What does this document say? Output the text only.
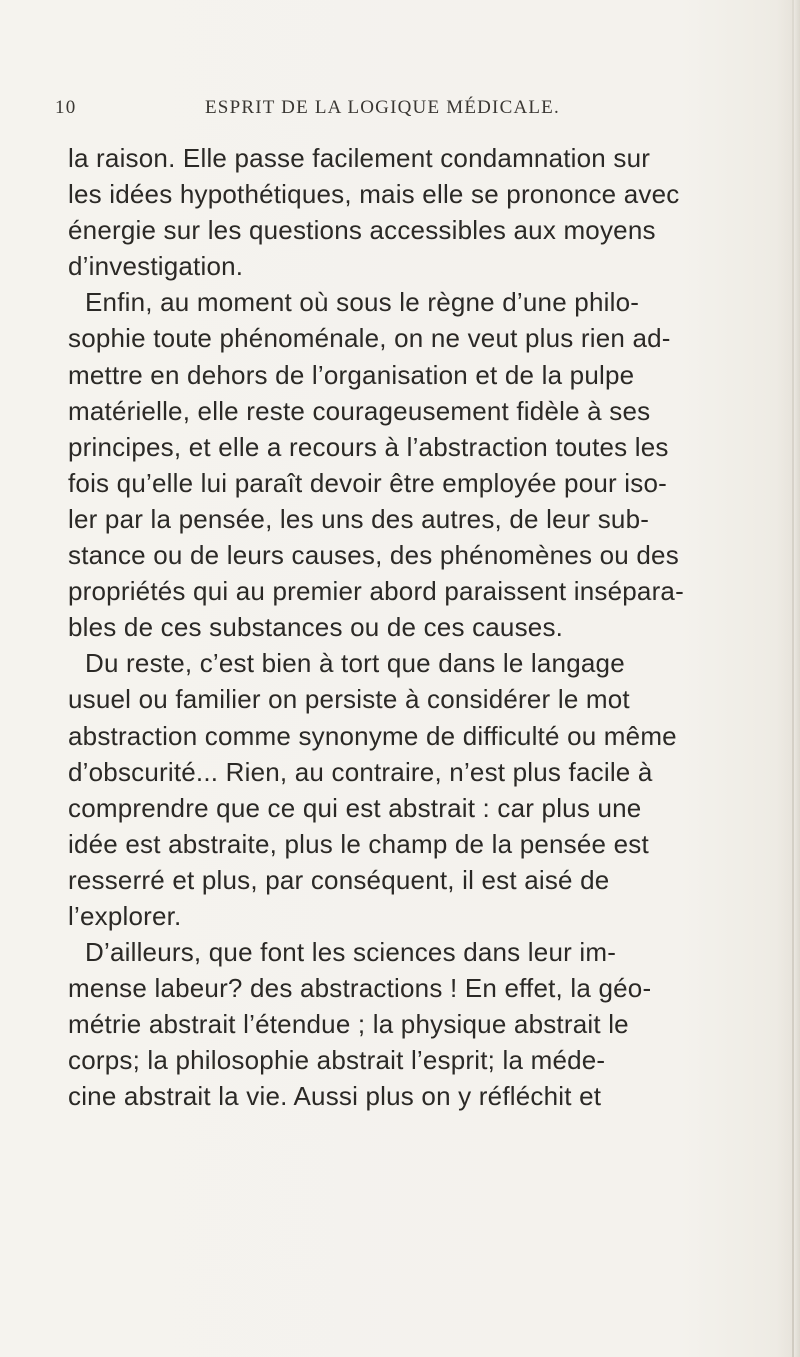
10	ESPRIT DE LA LOGIQUE MÉDICALE.
la raison. Elle passe facilement condamnation sur
les idées hypothétiques, mais elle se prononce avec
énergie sur les questions accessibles aux moyens
d’investigation.
Enfin, au moment où sous le règne d’une philo-
sophie toute phénoménale, on ne veut plus rien ad-
mettre en dehors de l’organisation et de la pulpe
matérielle, elle reste courageusement fidèle à ses
principes, et elle a recours à l’abstraction toutes les
fois qu’elle lui paraît devoir être employée pour iso-
ler par la pensée, les uns des autres, de leur sub-
stance ou de leurs causes, des phénomènes ou des
propriétés qui au premier abord paraissent insépara-
bles de ces substances ou de ces causes.
Du reste, c’est bien à tort que dans le langage
usuel ou familier on persiste à considérer le mot
abstraction comme synonyme de difficulté ou même
d’obscurité... Rien, au contraire, n’est plus facile à
comprendre que ce qui est abstrait : car plus une
idée est abstraite, plus le champ de la pensée est
resserré et plus, par conséquent, il est aisé de
l’explorer.
D’ailleurs, que font les sciences dans leur im-
mense labeur? des abstractions ! En effet, la géo-
métrie abstrait l’étendue ; la physique abstrait le
corps; la philosophie abstrait l’esprit; la méde-
cine abstrait la vie. Aussi plus on y réfléchit et
